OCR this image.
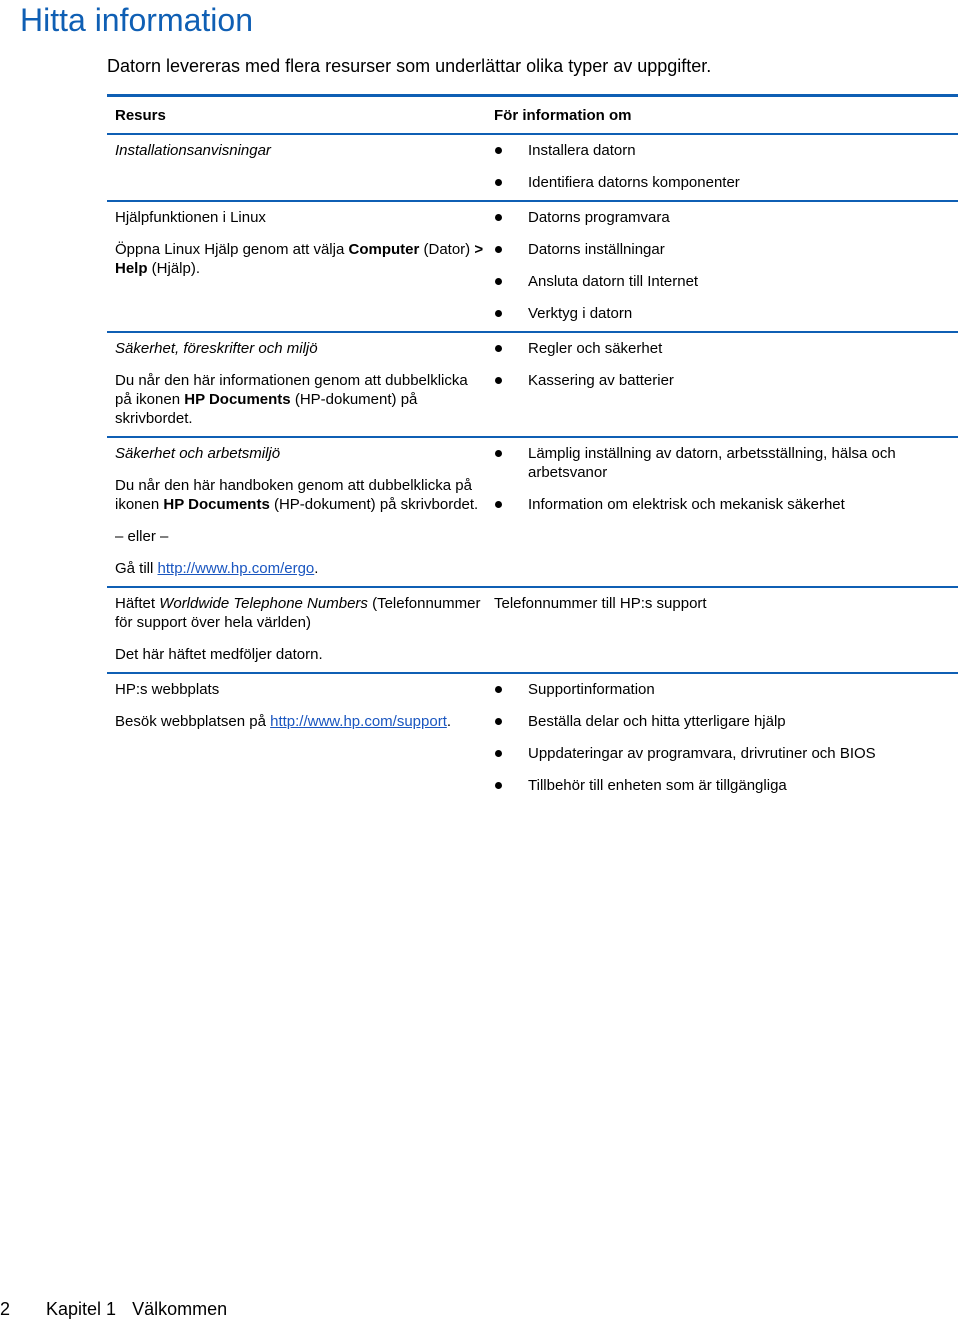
Hitta information

Datorn levereras med flera resurser som underlättar olika typer av uppgifter.

Resurs	För information om

Installationsanvisningar	Installera datorn
Identifiera datorns komponenter

Hjälpfunktionen i Linux

Öppna Linux Hjälp genom att välja Computer (Dator) > Help (Hjälp).

Datorns programvara
Datorns inställningar
Ansluta datorn till Internet
Verktyg i datorn

Säkerhet, föreskrifter och miljö

Du når den här informationen genom att dubbelklicka på ikonen HP Documents (HP-dokument) på skrivbordet.

Regler och säkerhet
Kassering av batterier

Säkerhet och arbetsmiljö

Du når den här handboken genom att dubbelklicka på ikonen HP Documents (HP-dokument) på skrivbordet.

– eller –

Gå till http://www.hp.com/ergo.

Lämplig inställning av datorn, arbetsställning, hälsa och arbetsvanor
Information om elektrisk och mekanisk säkerhet

Häftet Worldwide Telephone Numbers (Telefonnummer för support över hela världen)

Det här häftet medföljer datorn.

Telefonnummer till HP:s support

HP:s webbplats

Besök webbplatsen på http://www.hp.com/support.

Supportinformation
Beställa delar och hitta ytterligare hjälp
Uppdateringar av programvara, drivrutiner och BIOS
Tillbehör till enheten som är tillgängliga
2 Kapitel 1 Välkommen
